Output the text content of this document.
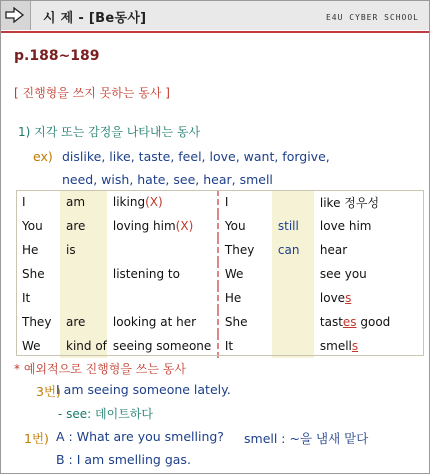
시 제 - [Be동사]	E4U CYBER SCHOOL
p.188~189
[ 진행형을 쓰지 못하는 동사 ]
1) 지각 또는 감정을 나타내는 동사
ex) dislike, like, taste, feel, love, want, forgive,
need, wish, hate, see, hear, smell
I	am	liking(X)	I		like 정우성
You	are	loving him(X)	You	still	love him
He	is		They	can	hear
She		listening to	We		see you
It			He		loves
They	are	looking at her	She		tastes good
We	kind of	seeing someone	It		smells
* 예외적으로 진행형을 쓰는 동사
3번)
I am seeing someone lately.
- see: 데이트하다
1번) A : What are you smelling? smell : ~을 냄새 맡다
B : I am smelling gas.
